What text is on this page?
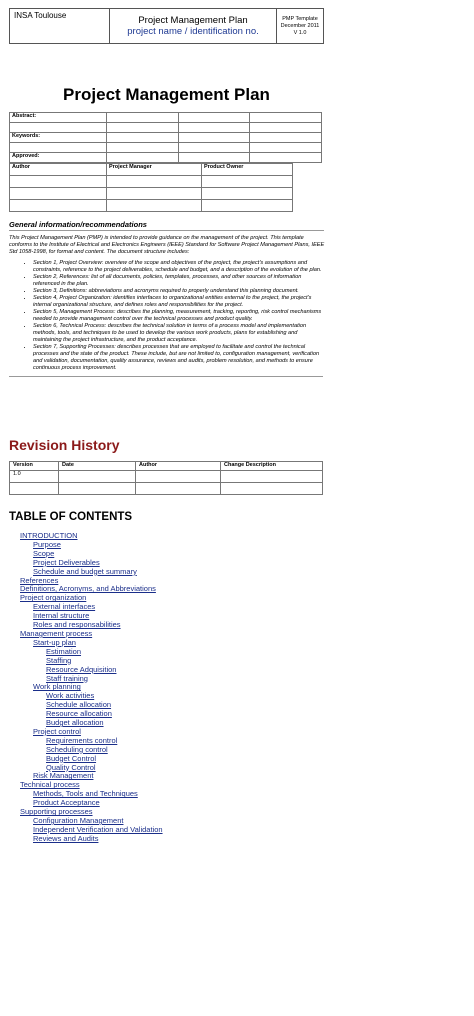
INSA Toulouse	Project Management Plan
project name / identification no.
PMP Template
December 2011
V 1.0
Project Management Plan
Abstract:			

Keywords:			

Approved:			
Author	Project Manager	Product Owner

General information/recommendations
This Project Management Plan (PMP) is intended to provide guidance on the management of the project. This template conforms to the Institute of Electrical and Electronics Engineers (IEEE) Standard for Software Project Management Plans, IEEE Std 1058-1998, for format and content. The document structure includes:
• Section 1, Project Overview: overview of the scope and objectives of the project, the project's assumptions and constraints, reference to the project deliverables, schedule and budget, and a description of the evolution of the plan.
• Section 2, References: list of all documents, policies, templates, processes, and other sources of information referenced in the plan.
• Section 3, Definitions: abbreviations and acronyms required to properly understand this planning document.
• Section 4, Project Organization: identifies interfaces to organizational entities external to the project, the project's internal organizational structure, and defines roles and responsibilities for the project.
• Section 5, Management Process: describes the planning, measurement, tracking, reporting, risk control mechanisms needed to provide management control over the technical processes and product quality.
• Section 6, Technical Process: describes the technical solution in terms of a process model and implementation methods, tools, and techniques to be used to develop the various work products, plans for establishing and maintaining the project infrastructure, and the product acceptance.
• Section 7, Supporting Processes: describes processes that are employed to facilitate and control the technical processes and the state of the product. These include, but are not limited to, configuration management, verification and validation, documentation, quality assurance, reviews and audits, problem resolution, and methods to ensure continuous process improvement.
Revision History
Version	Date	Author	Change Description
1.0			

TABLE OF CONTENTS
INTRODUCTION
Purpose
Scope
Project Deliverables
Schedule and budget summary
References
Definitions, Acronyms, and Abbreviations
Project organization
External interfaces
Internal structure
Roles and responsabilities
Management process
Start-up plan
Estimation
Staffing
Resource Adquisition
Staff training
Work planning
Work activities
Schedule allocation
Resource allocation
Budget allocation
Project control
Requirements control
Scheduling control
Budget Control
Quality Control
Risk Management
Technical process
Methods, Tools and Techniques
Product Acceptance
Supporting processes
Configuration Management
Independent Verification and Validation
Reviews and Audits
